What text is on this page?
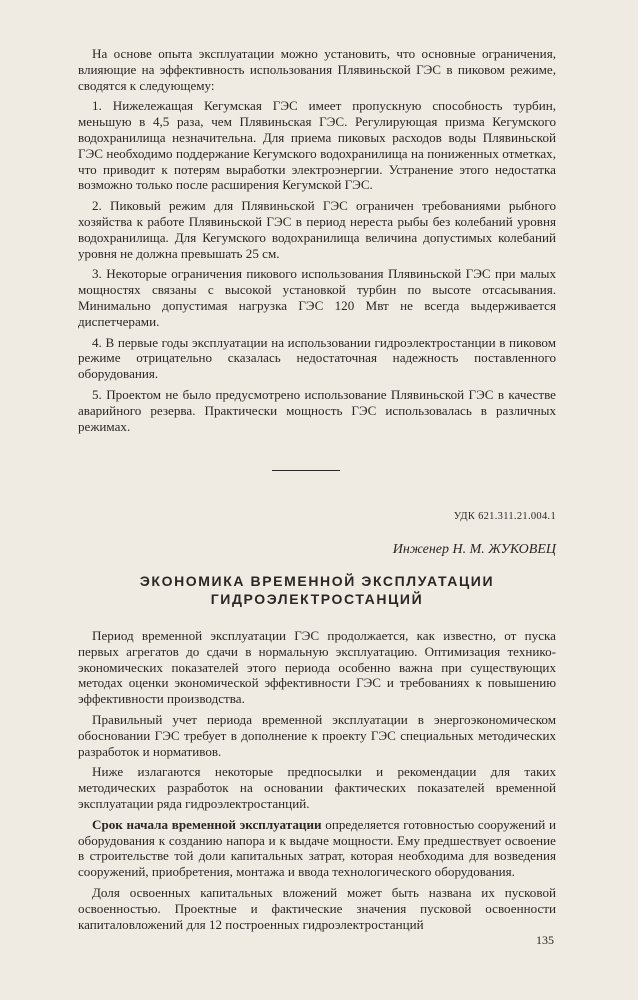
На основе опыта эксплуатации можно установить, что основные ограничения, влияющие на эффективность использования Плявиньской ГЭС в пиковом режиме, сводятся к следующему:

1. Нижележащая Кегумская ГЭС имеет пропускную способность турбин, меньшую в 4,5 раза, чем Плявиньская ГЭС. Регулирующая призма Кегумского водохранилища незначительна. Для приема пиковых расходов воды Плявиньской ГЭС необходимо поддержание Кегумского водохранилища на пониженных отметках, что приводит к потерям выработки электроэнергии. Устранение этого недостатка возможно только после расширения Кегумской ГЭС.

2. Пиковый режим для Плявиньской ГЭС ограничен требованиями рыбного хозяйства к работе Плявиньской ГЭС в период нереста рыбы без колебаний уровня водохранилища. Для Кегумского водохранилища величина допустимых колебаний уровня не должна превышать 25 см.

3. Некоторые ограничения пикового использования Плявиньской ГЭС при малых мощностях связаны с высокой установкой турбин по высоте отсасывания. Минимально допустимая нагрузка ГЭС 120 Мвт не всегда выдерживается диспетчерами.

4. В первые годы эксплуатации на использовании гидроэлектростанции в пиковом режиме отрицательно сказалась недостаточная надежность поставленного оборудования.

5. Проектом не было предусмотрено использование Плявиньской ГЭС в качестве аварийного резерва. Практически мощность ГЭС использовалась в различных режимах.

УДК 621.311.21.004.1
Инженер Н. М. ЖУКОВЕЦ
ЭКОНОМИКА ВРЕМЕННОЙ ЭКСПЛУАТАЦИИ
ГИДРОЭЛЕКТРОСТАНЦИЙ

Период временной эксплуатации ГЭС продолжается, как известно, от пуска первых агрегатов до сдачи в нормальную эксплуатацию. Оптимизация технико-экономических показателей этого периода особенно важна при существующих методах оценки экономической эффективности ГЭС и требованиях к повышению эффективности производства.

Правильный учет периода временной эксплуатации в энергоэкономическом обосновании ГЭС требует в дополнение к проекту ГЭС специальных методических разработок и нормативов.

Ниже излагаются некоторые предпосылки и рекомендации для таких методических разработок на основании фактических показателей временной эксплуатации ряда гидроэлектростанций.

Срок начала временной эксплуатации определяется готовностью сооружений и оборудования к созданию напора и к выдаче мощности. Ему предшествует освоение в строительстве той доли капитальных затрат, которая необходима для возведения сооружений, приобретения, монтажа и ввода технологического оборудования.

Доля освоенных капитальных вложений может быть названа их пусковой освоенностью. Проектные и фактические значения пусковой освоенности капиталовложений для 12 построенных гидроэлектростанций

135
